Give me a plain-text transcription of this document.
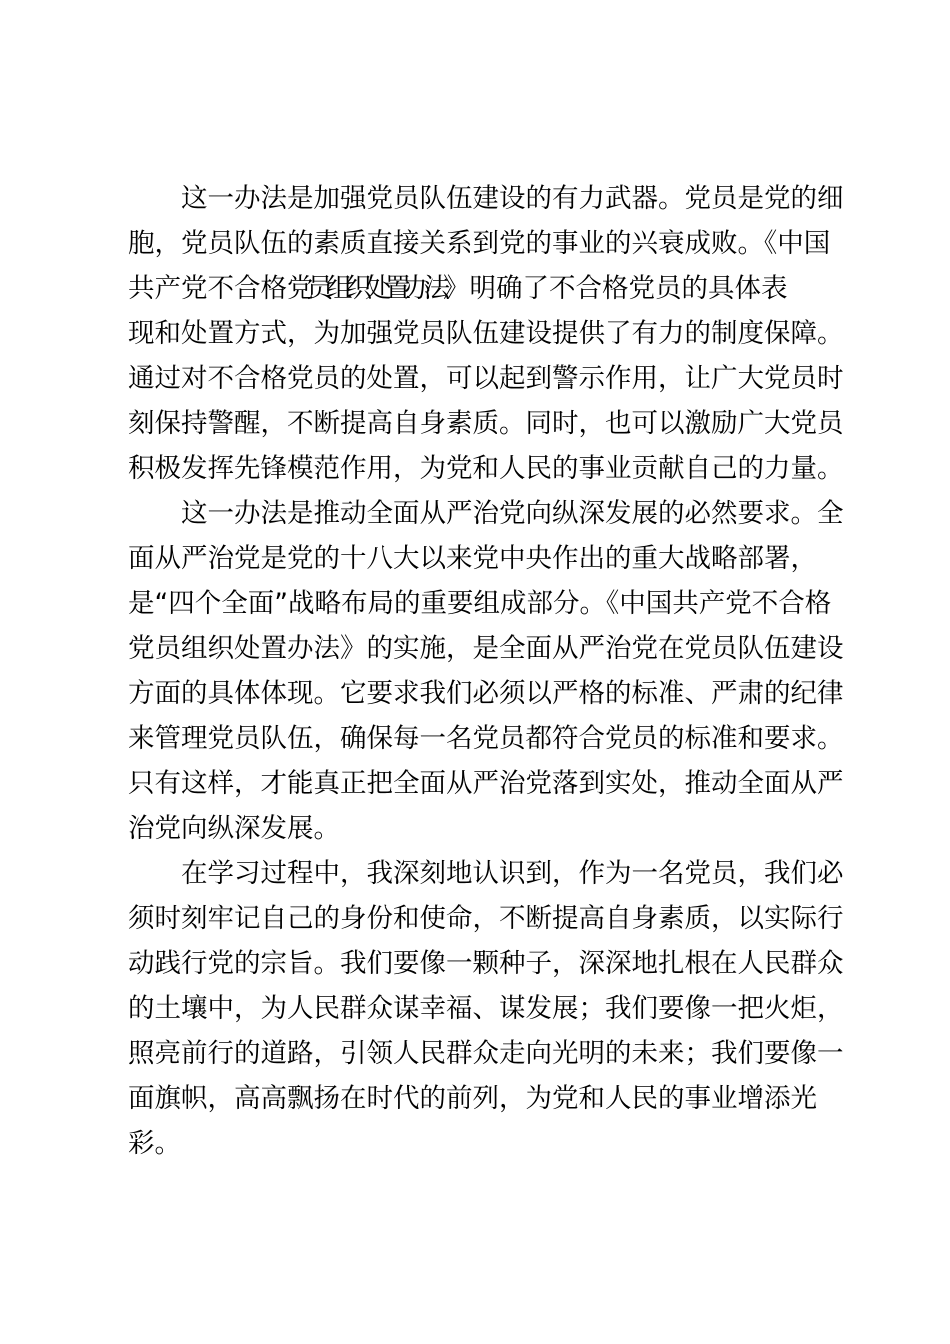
这一办法是加强党员队伍建设的有力武器。党员是党的细
胞，党员队伍的素质直接关系到党的事业的兴衰成败。《中国
共产党不合格党员组织处置办法》明确了不合格党员的具体表
现和处置方式，为加强党员队伍建设提供了有力的制度保障。
通过对不合格党员的处置，可以起到警示作用，让广大党员时
刻保持警醒，不断提高自身素质。同时，也可以激励广大党员
积极发挥先锋模范作用，为党和人民的事业贡献自己的力量。
这一办法是推动全面从严治党向纵深发展的必然要求。全
面从严治党是党的十八大以来党中央作出的重大战略部署，
是“四个全面”战略布局的重要组成部分。《中国共产党不合格
党员组织处置办法》的实施，是全面从严治党在党员队伍建设
方面的具体体现。它要求我们必须以严格的标准、严肃的纪律
来管理党员队伍，确保每一名党员都符合党员的标准和要求。
只有这样，才能真正把全面从严治党落到实处，推动全面从严
治党向纵深发展。
在学习过程中，我深刻地认识到，作为一名党员，我们必
须时刻牢记自己的身份和使命，不断提高自身素质，以实际行
动践行党的宗旨。我们要像一颗种子，深深地扎根在人民群众
的土壤中，为人民群众谋幸福、谋发展；我们要像一把火炬，
照亮前行的道路，引领人民群众走向光明的未来；我们要像一
面旗帜，高高飘扬在时代的前列，为党和人民的事业增添光
彩。
